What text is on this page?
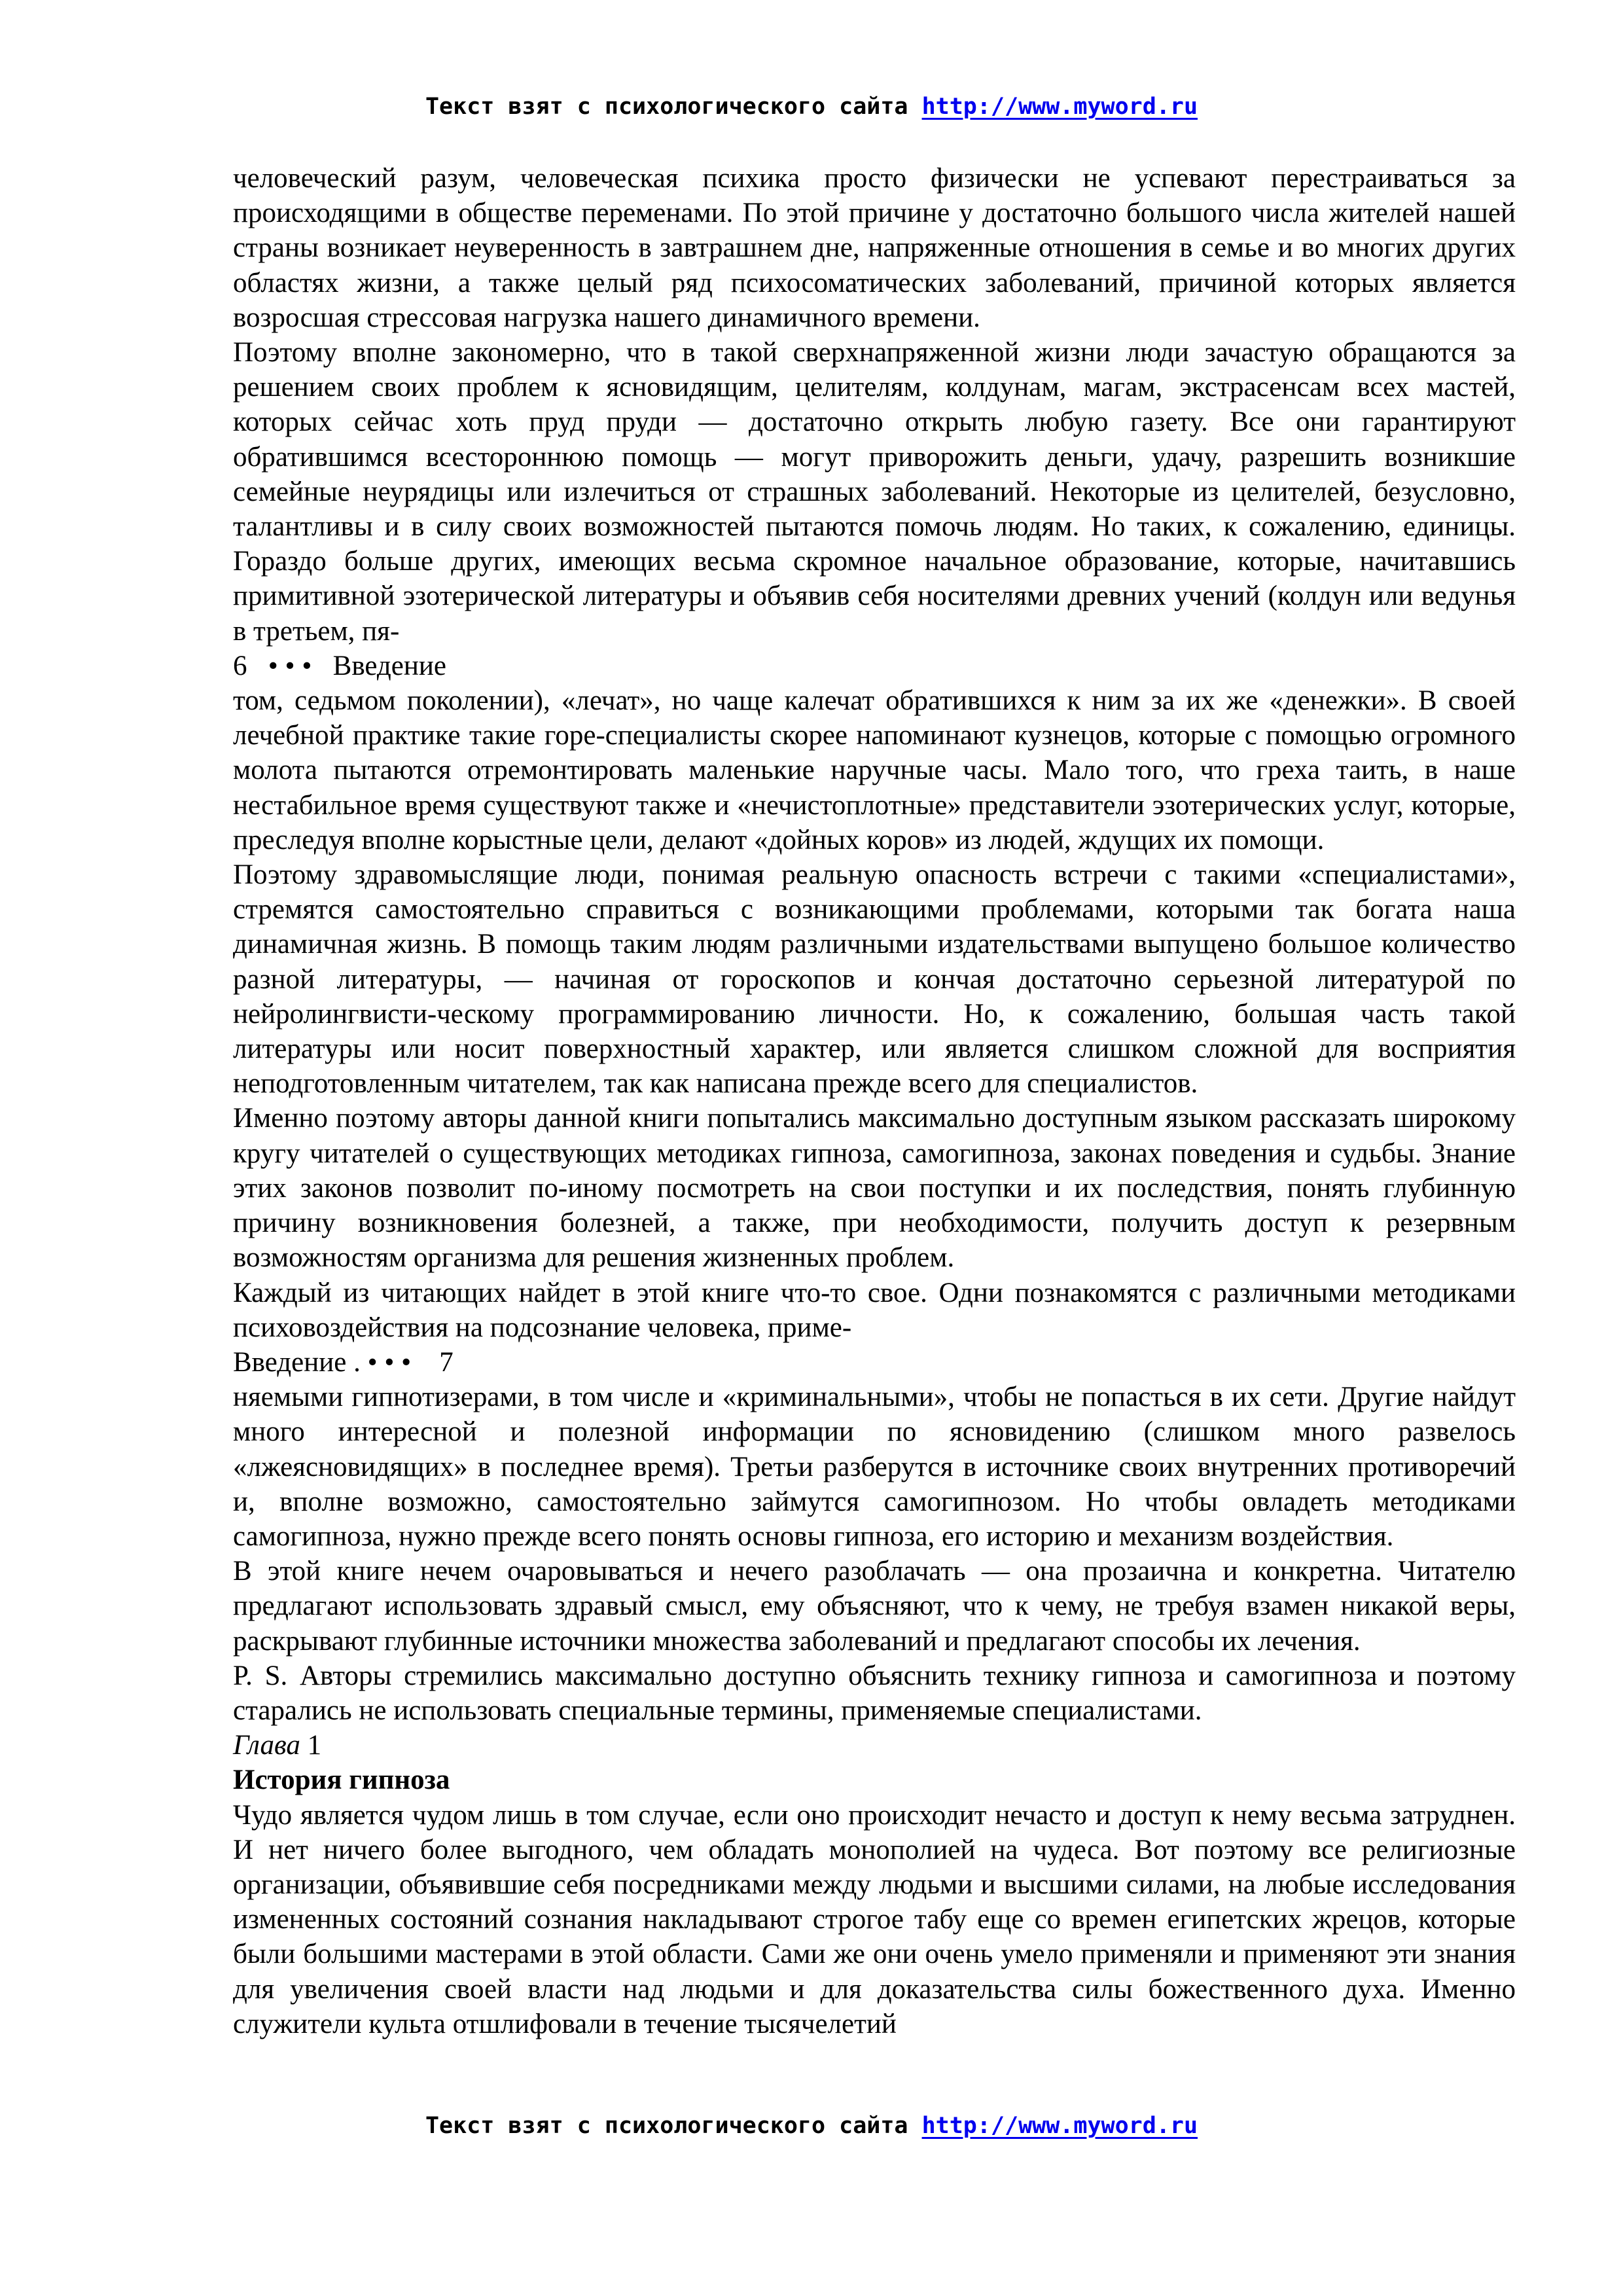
Текст взят с психологического сайта http://www.myword.ru

человеческий разум, человеческая психика просто физически не успевают перестраиваться за происходящими в обществе переменами. По этой причине у достаточно большого числа жителей нашей страны возникает неуверенность в завтрашнем дне, напряженные отношения в семье и во многих других областях жизни, а также целый ряд психосоматических заболеваний, причиной которых является возросшая стрессовая нагрузка нашего динамичного времени.

Поэтому вполне закономерно, что в такой сверхнапряженной жизни люди зачастую обращаются за решением своих проблем к ясновидящим, целителям, колдунам, магам, экстрасенсам всех мастей, которых сейчас хоть пруд пруди — достаточно открыть любую газету. Все они гарантируют обратившимся всестороннюю помощь — могут приворожить деньги, удачу, разрешить возникшие семейные неурядицы или излечиться от страшных заболеваний. Некоторые из целителей, безусловно, талантливы и в силу своих возможностей пытаются помочь людям. Но таких, к сожалению, единицы. Гораздо больше других, имеющих весьма скромное начальное образование, которые, начитавшись примитивной эзотерической литературы и объявив себя носителями древних учений (колдун или ведунья в третьем, пя-

6   • • •   Введение

том, седьмом поколении), «лечат», но чаще калечат обратившихся к ним за их же «денежки». В своей лечебной практике такие горе-специалисты скорее напоминают кузнецов, которые с помощью огромного молота пытаются отремонтировать маленькие наручные часы. Мало того, что греха таить, в наше нестабильное время существуют также и «нечистоплотные» представители эзотерических услуг, которые, преследуя вполне корыстные цели, делают «дойных коров» из людей, ждущих их помощи.

Поэтому здравомыслящие люди, понимая реальную опасность встречи с такими «специалистами», стремятся самостоятельно справиться с возникающими проблемами, которыми так богата наша динамичная жизнь. В помощь таким людям различными издательствами выпущено большое количество разной литературы, — начиная от гороскопов и кончая достаточно серьезной литературой по нейролингвисти-ческому программированию личности. Но, к сожалению, большая часть такой литературы или носит поверхностный характер, или является слишком сложной для восприятия неподготовленным читателем, так как написана прежде всего для специалистов.

Именно поэтому авторы данной книги попытались максимально доступным языком рассказать широкому кругу читателей о существующих методиках гипноза, самогипноза, законах поведения и судьбы. Знание этих законов позволит по-иному посмотреть на свои поступки и их последствия, понять глубинную причину возникновения болезней, а также, при необходимости, получить доступ к резервным возможностям организма для решения жизненных проблем.

Каждый из читающих найдет в этой книге что-то свое. Одни познакомятся с различными методиками психовоздействия на подсознание человека, приме-

Введение . • • •    7

няемыми гипнотизерами, в том числе и «криминальными», чтобы не попасться в их сети. Другие найдут много интересной и полезной информации по ясновидению (слишком много развелось «лжеясновидящих» в последнее время). Третьи разберутся в источнике своих внутренних противоречий и, вполне возможно, самостоятельно займутся самогипнозом. Но чтобы овладеть методиками самогипноза, нужно прежде всего понять основы гипноза, его историю и механизм воздействия.

В этой книге нечем очаровываться и нечего разоблачать — она прозаична и конкретна. Читателю предлагают использовать здравый смысл, ему объясняют, что к чему, не требуя взамен никакой веры, раскрывают глубинные источники множества заболеваний и предлагают способы их лечения.

P. S. Авторы стремились максимально доступно объяснить технику гипноза и самогипноза и поэтому старались не использовать специальные термины, применяемые специалистами.

Глава 1
История гипноза

Чудо является чудом лишь в том случае, если оно происходит нечасто и доступ к нему весьма затруднен. И нет ничего более выгодного, чем обладать монополией на чудеса. Вот поэтому все религиозные организации, объявившие себя посредниками между людьми и высшими силами, на любые исследования измененных состояний сознания накладывают строгое табу еще со времен египетских жрецов, которые были большими мастерами в этой области. Сами же они очень умело применяли и применяют эти знания для увеличения своей власти над людьми и для доказательства силы божественного духа. Именно служители культа отшлифовали в течение тысячелетий

Текст взят с психологического сайта http://www.myword.ru
